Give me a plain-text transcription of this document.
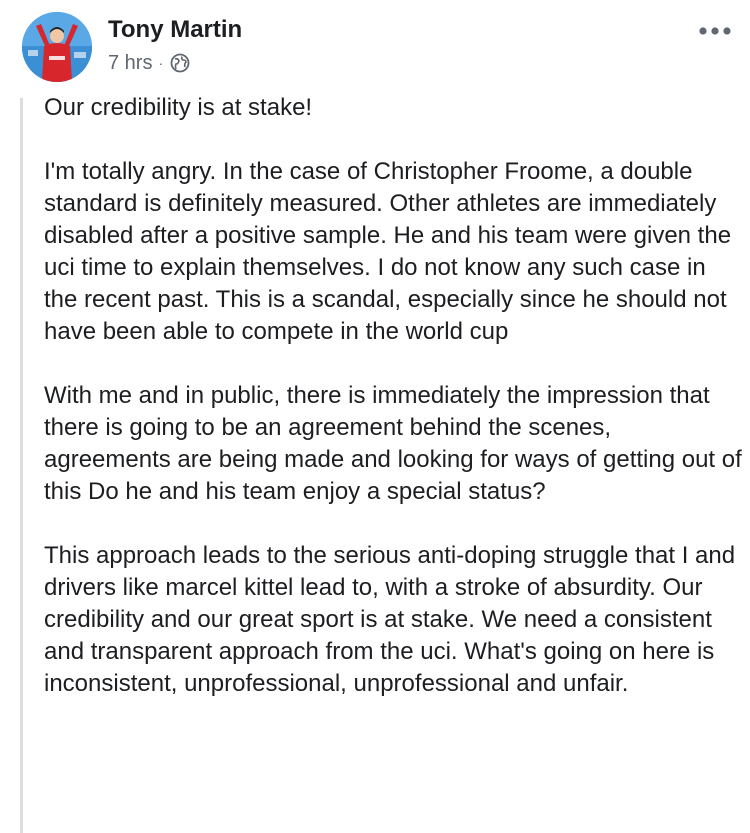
Tony Martin
7 hrs ·

Our credibility is at stake!

I'm totally angry. In the case of Christopher Froome, a double standard is definitely measured. Other athletes are immediately disabled after a positive sample. He and his team were given the uci time to explain themselves. I do not know any such case in the recent past. This is a scandal, especially since he should not have been able to compete in the world cup

With me and in public, there is immediately the impression that there is going to be an agreement behind the scenes, agreements are being made and looking for ways of getting out of this Do he and his team enjoy a special status?

This approach leads to the serious anti-doping struggle that I and drivers like marcel kittel lead to, with a stroke of absurdity. Our credibility and our great sport is at stake. We need a consistent and transparent approach from the uci. What's going on here is inconsistent, unprofessional, unprofessional and unfair.
